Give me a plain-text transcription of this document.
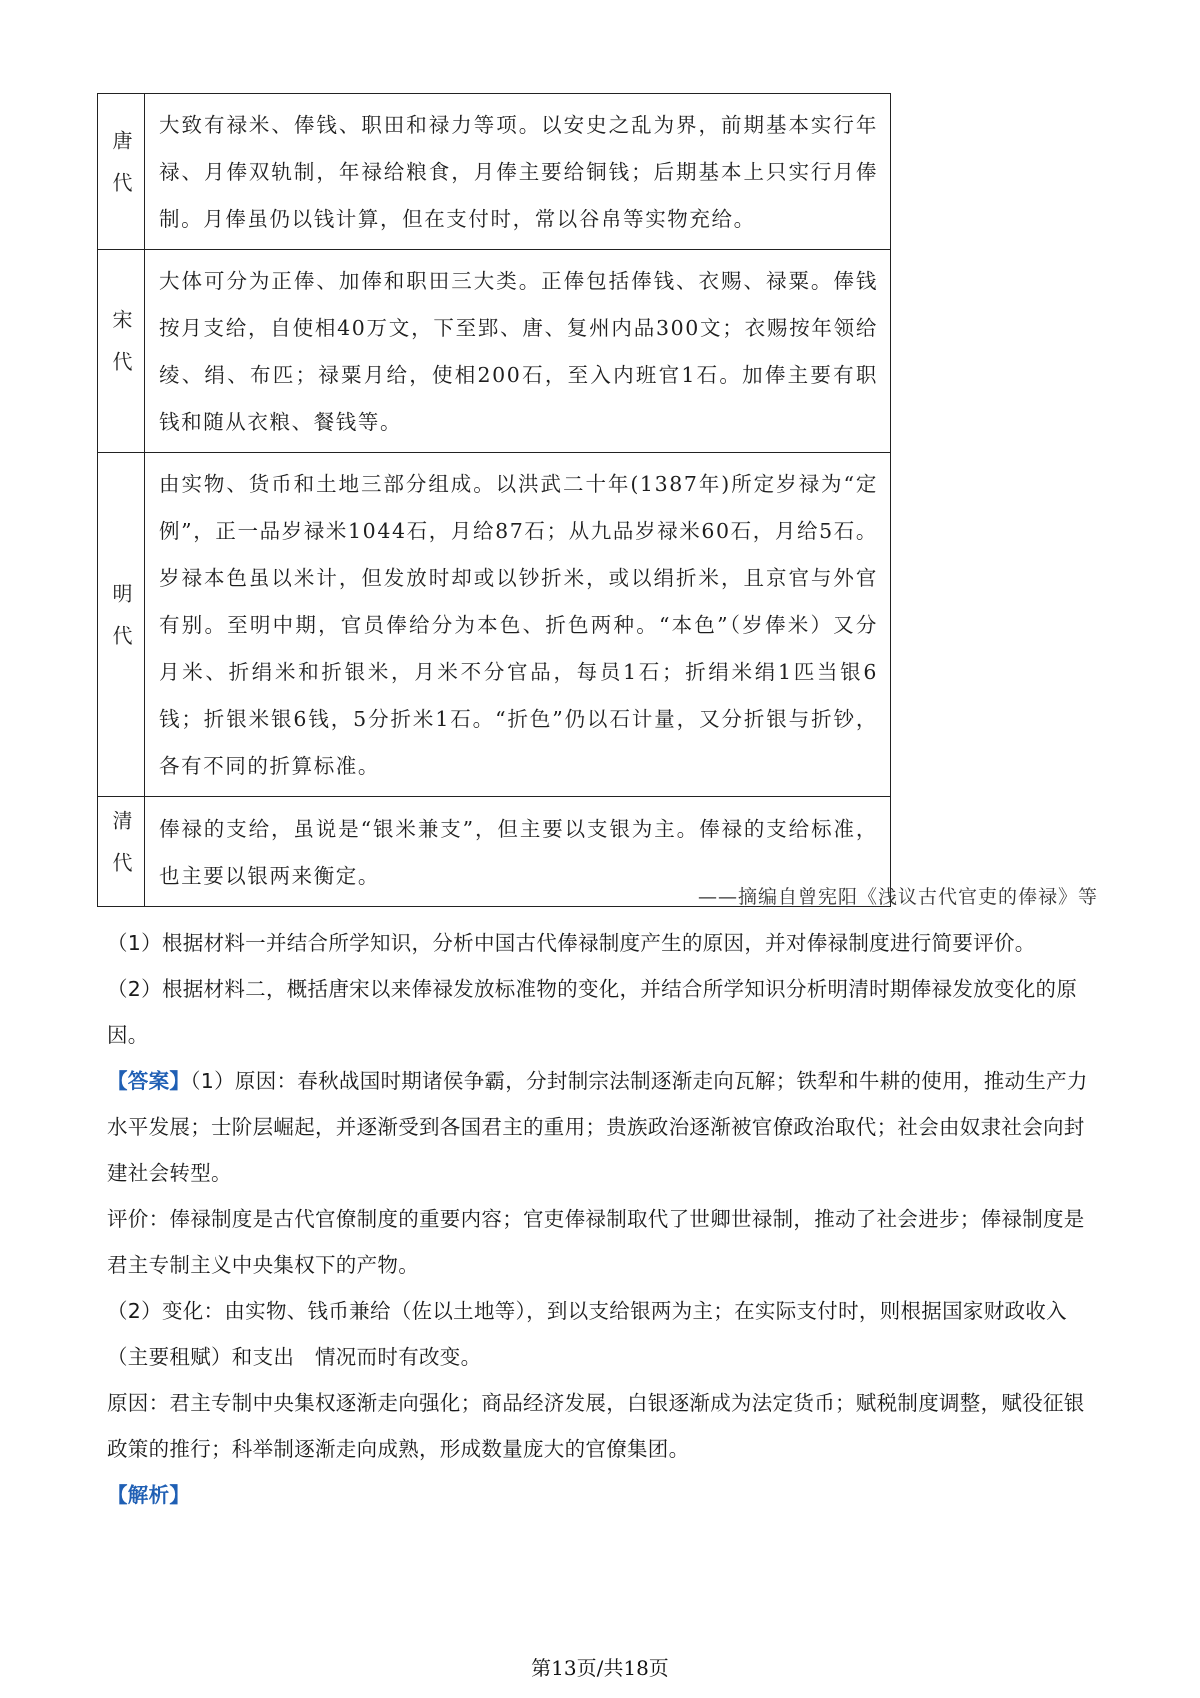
唐代	大致有禄米、俸钱、职田和禄力等项。以安史之乱为界，前期基本实行年禄、月俸双轨制，年禄给粮食，月俸主要给铜钱；后期基本上只实行月俸制。月俸虽仍以钱计算，但在支付时，常以谷帛等实物充给。

宋代	大体可分为正俸、加俸和职田三大类。正俸包括俸钱、衣赐、禄粟。俸钱按月支给，自使相40万文，下至郢、唐、复州内品300文；衣赐按年领给绫、绢、布匹；禄粟月给，使相200石，至入内班官1石。加俸主要有职钱和随从衣粮、餐钱等。

明代	由实物、货币和土地三部分组成。以洪武二十年(1387年)所定岁禄为“定例”，正一品岁禄米1044石，月给87石；从九品岁禄米60石，月给5石。岁禄本色虽以米计，但发放时却或以钞折米，或以绢折米，且京官与外官有别。至明中期，官员俸给分为本色、折色两种。“本色”（岁俸米）又分月米、折绢米和折银米，月米不分官品，每员1石；折绢米绢1匹当银6钱；折银米银6钱，5分折米1石。“折色”仍以石计量，又分折银与折钞，各有不同的折算标准。

清代	俸禄的支给，虽说是“银米兼支”，但主要以支银为主。俸禄的支给标准，也主要以银两来衡定。
——摘编自曾宪阳《浅议古代官吏的俸禄》等

（1）根据材料一并结合所学知识，分析中国古代俸禄制度产生的原因，并对俸禄制度进行简要评价。

（2）根据材料二，概括唐宋以来俸禄发放标准物的变化，并结合所学知识分析明清时期俸禄发放变化的原因。

【答案】（1）原因：春秋战国时期诸侯争霸，分封制宗法制逐渐走向瓦解；铁犁和牛耕的使用，推动生产力水平发展；士阶层崛起，并逐渐受到各国君主的重用；贵族政治逐渐被官僚政治取代；社会由奴隶社会向封建社会转型。

评价：俸禄制度是古代官僚制度的重要内容；官吏俸禄制取代了世卿世禄制，推动了社会进步；俸禄制度是君主专制主义中央集权下的产物。

（2）变化：由实物、钱币兼给（佐以土地等），到以支给银两为主；在实际支付时，则根据国家财政收入（主要租赋）和支出　情况而时有改变。

原因：君主专制中央集权逐渐走向强化；商品经济发展，白银逐渐成为法定货币；赋税制度调整，赋役征银政策的推行；科举制逐渐走向成熟，形成数量庞大的官僚集团。

【解析】

第13页/共18页
